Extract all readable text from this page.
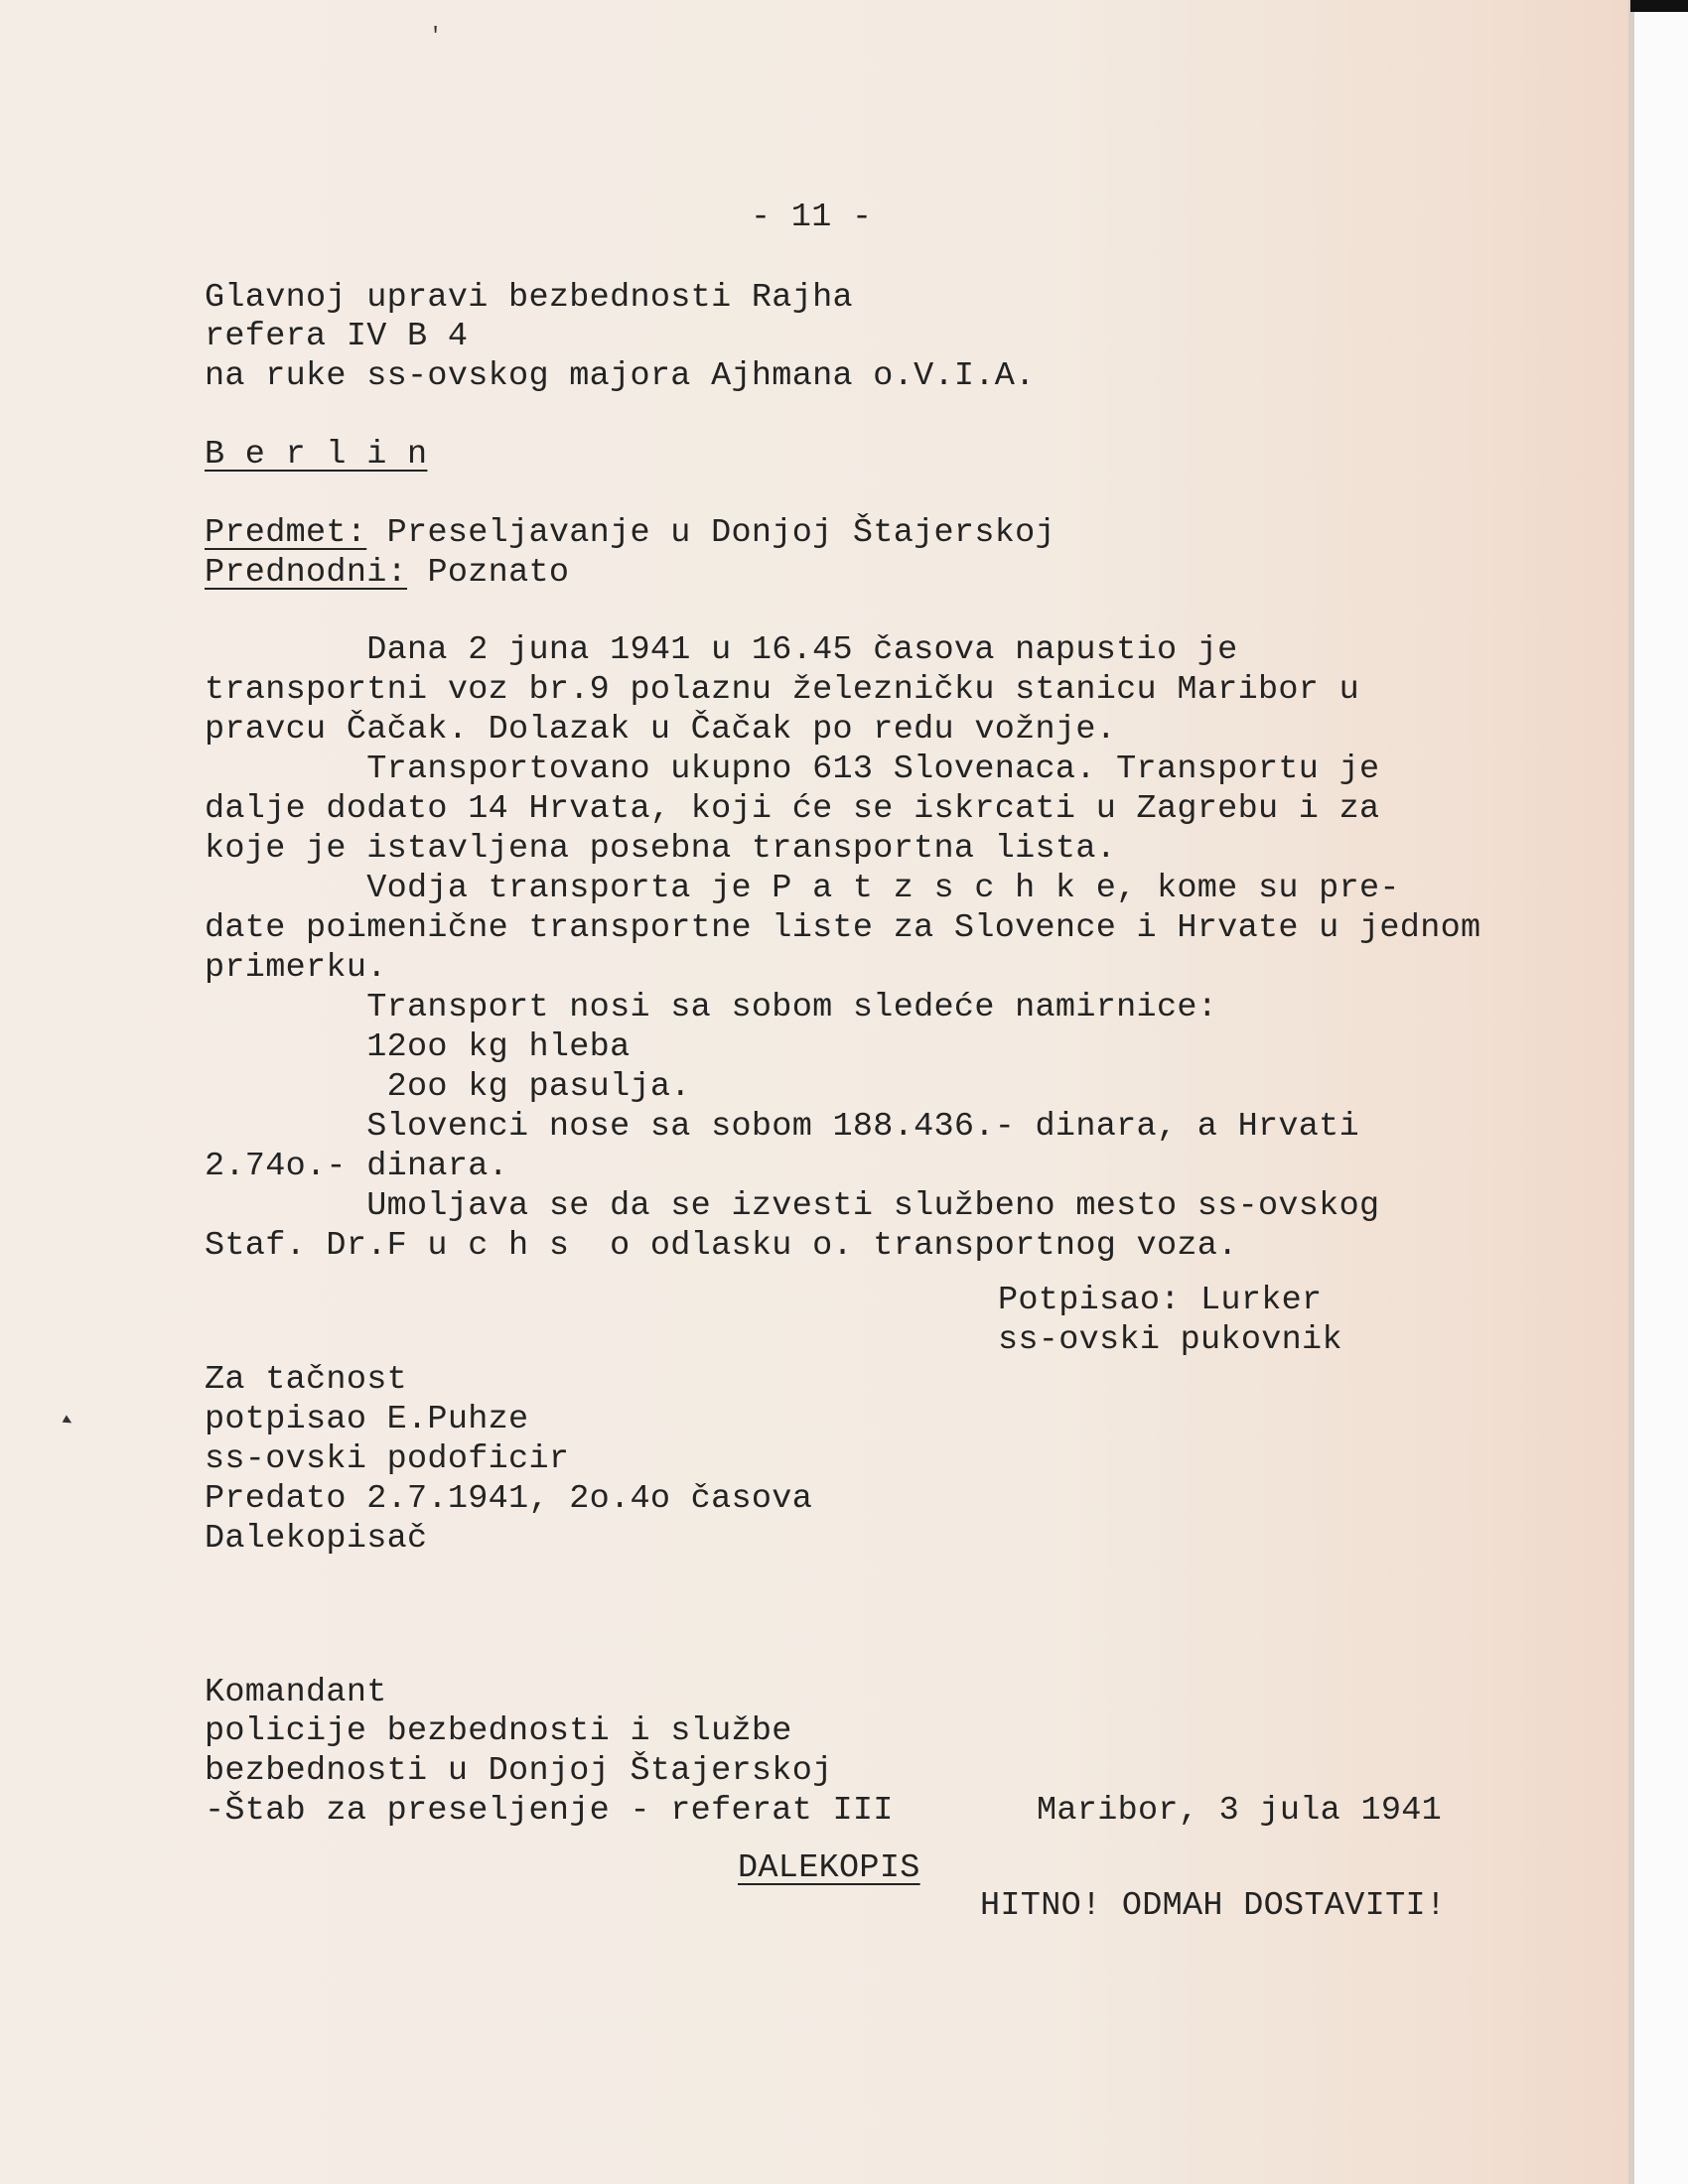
- 11 -
Glavnoj upravi bezbednosti Rajha
refera IV B 4
na ruke ss-ovskog majora Ajhmana o.V.I.A.
B e r l i n
Predmet: Preseljavanje u Donjoj Štajerskoj
Prednodni: Poznato
Dana 2 juna 1941 u 16.45 časova napustio je
transportni voz br.9 polaznu železničku stanicu Maribor u
pravcu Čačak. Dolazak u Čačak po redu vožnje.
Transportovano ukupno 613 Slovenaca. Transportu je
dalje dodato 14 Hrvata, koji će se iskrcati u Zagrebu i za
koje je istavljena posebna transportna lista.
Vodja transporta je P a t z s c h k e, kome su pre-
date poimenične transportne liste za Slovence i Hrvate u jednom
primerku.
Transport nosi sa sobom sledeće namirnice:
12oo kg hleba
2oo kg pasulja.
Slovenci nose sa sobom 188.436.- dinara, a Hrvati
2.74o.- dinara.
Umoljava se da se izvesti službeno mesto ss-ovskog
Staf. Dr.F u c h s  o odlasku o. transportnog voza.
Potpisao: Lurker
ss-ovski pukovnik
Za tačnost
potpisao E.Puhze
ss-ovski podoficir
Predato 2.7.1941, 2o.4o časova
Dalekopisač
Komandant
policije bezbednosti i službe
bezbednosti u Donjoj Štajerskoj
-Štab za preseljenje - referat III	Maribor, 3 jula 1941
DALEKOPIS
HITNO! ODMAH DOSTAVITI!
'
▸
